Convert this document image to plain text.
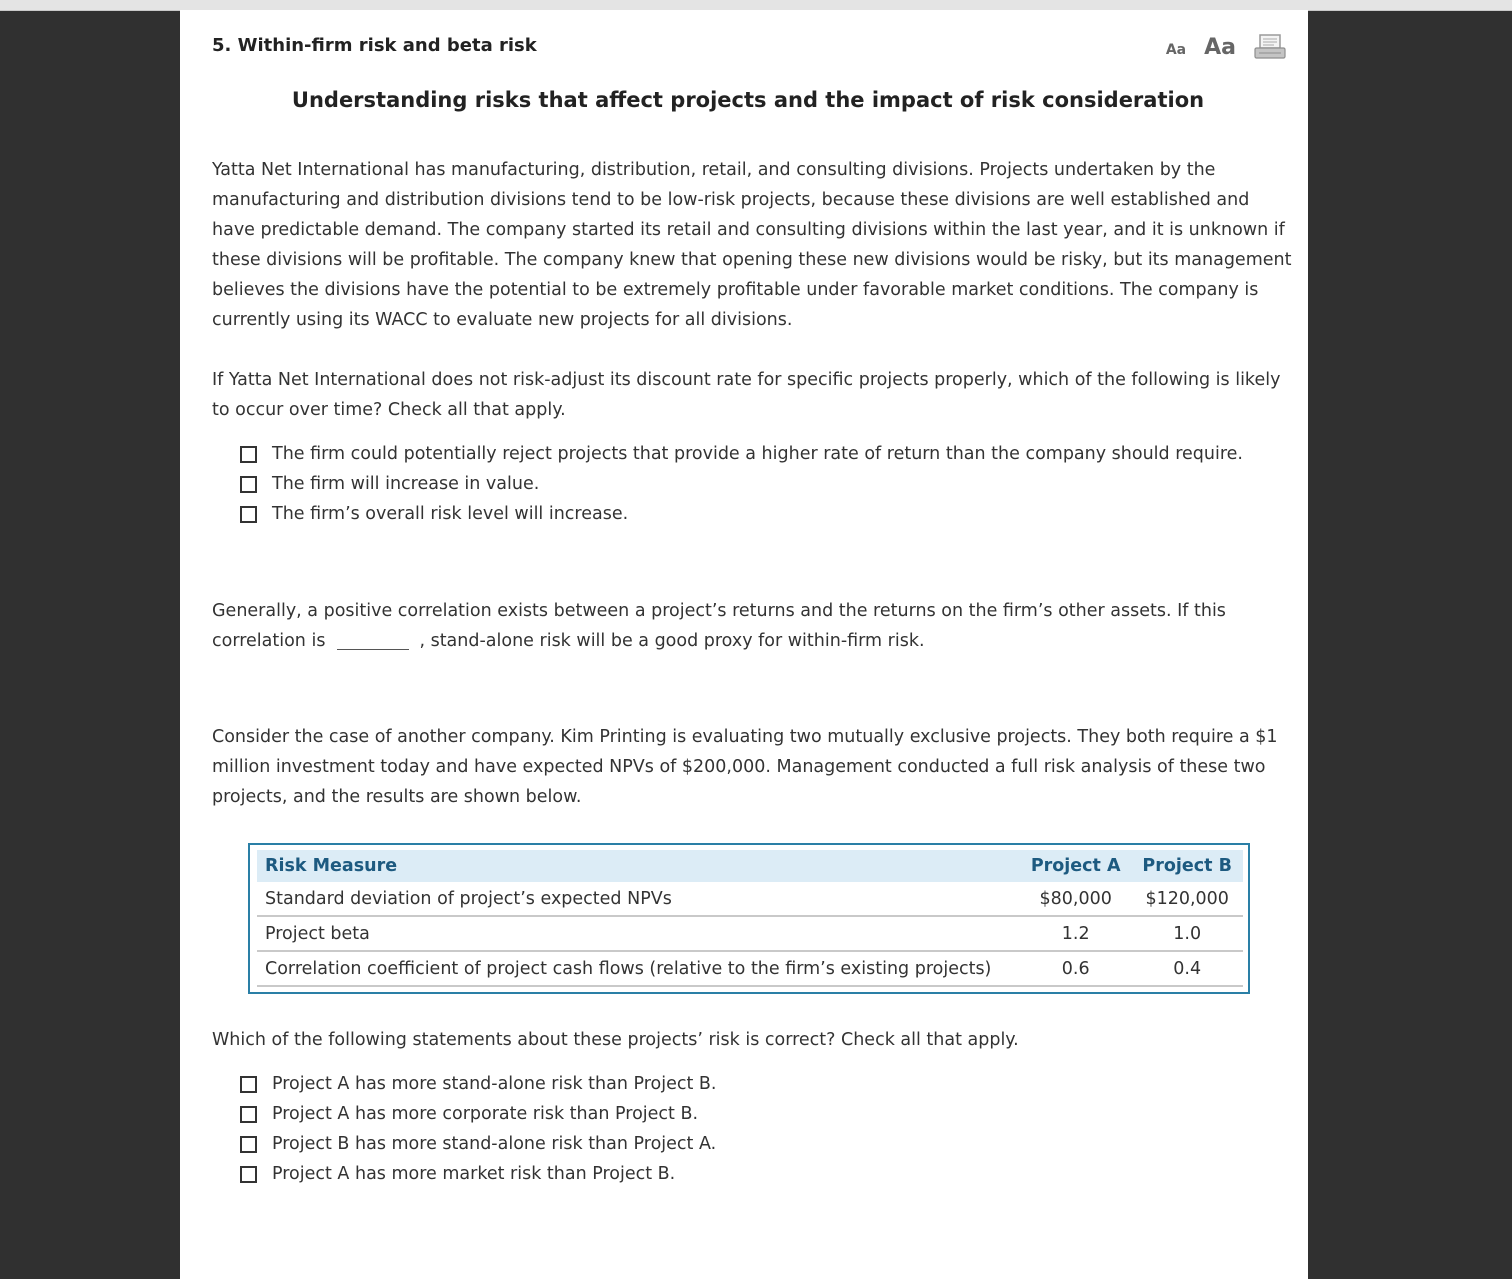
5. Within-firm risk and beta risk	Aa Aa
Understanding risks that affect projects and the impact of risk consideration

Yatta Net International has manufacturing, distribution, retail, and consulting divisions. Projects undertaken by the manufacturing and distribution divisions tend to be low-risk projects, because these divisions are well established and have predictable demand. The company started its retail and consulting divisions within the last year, and it is unknown if these divisions will be profitable. The company knew that opening these new divisions would be risky, but its management believes the divisions have the potential to be extremely profitable under favorable market conditions. The company is currently using its WACC to evaluate new projects for all divisions.

If Yatta Net International does not risk-adjust its discount rate for specific projects properly, which of the following is likely to occur over time? Check all that apply.

The firm could potentially reject projects that provide a higher rate of return than the company should require.
The firm will increase in value.
The firm’s overall risk level will increase.

Generally, a positive correlation exists between a project’s returns and the returns on the firm’s other assets. If this correlation is	, stand-alone risk will be a good proxy for within-firm risk.

Consider the case of another company. Kim Printing is evaluating two mutually exclusive projects. They both require a $1 million investment today and have expected NPVs of $200,000. Management conducted a full risk analysis of these two projects, and the results are shown below.

Risk Measure	Project A	Project B
Standard deviation of project’s expected NPVs	$80,000	$120,000
Project beta	1.2	1.0
Correlation coefficient of project cash flows (relative to the firm’s existing projects)	0.6	0.4

Which of the following statements about these projects’ risk is correct? Check all that apply.

Project A has more stand-alone risk than Project B.
Project A has more corporate risk than Project B.
Project B has more stand-alone risk than Project A.
Project A has more market risk than Project B.
